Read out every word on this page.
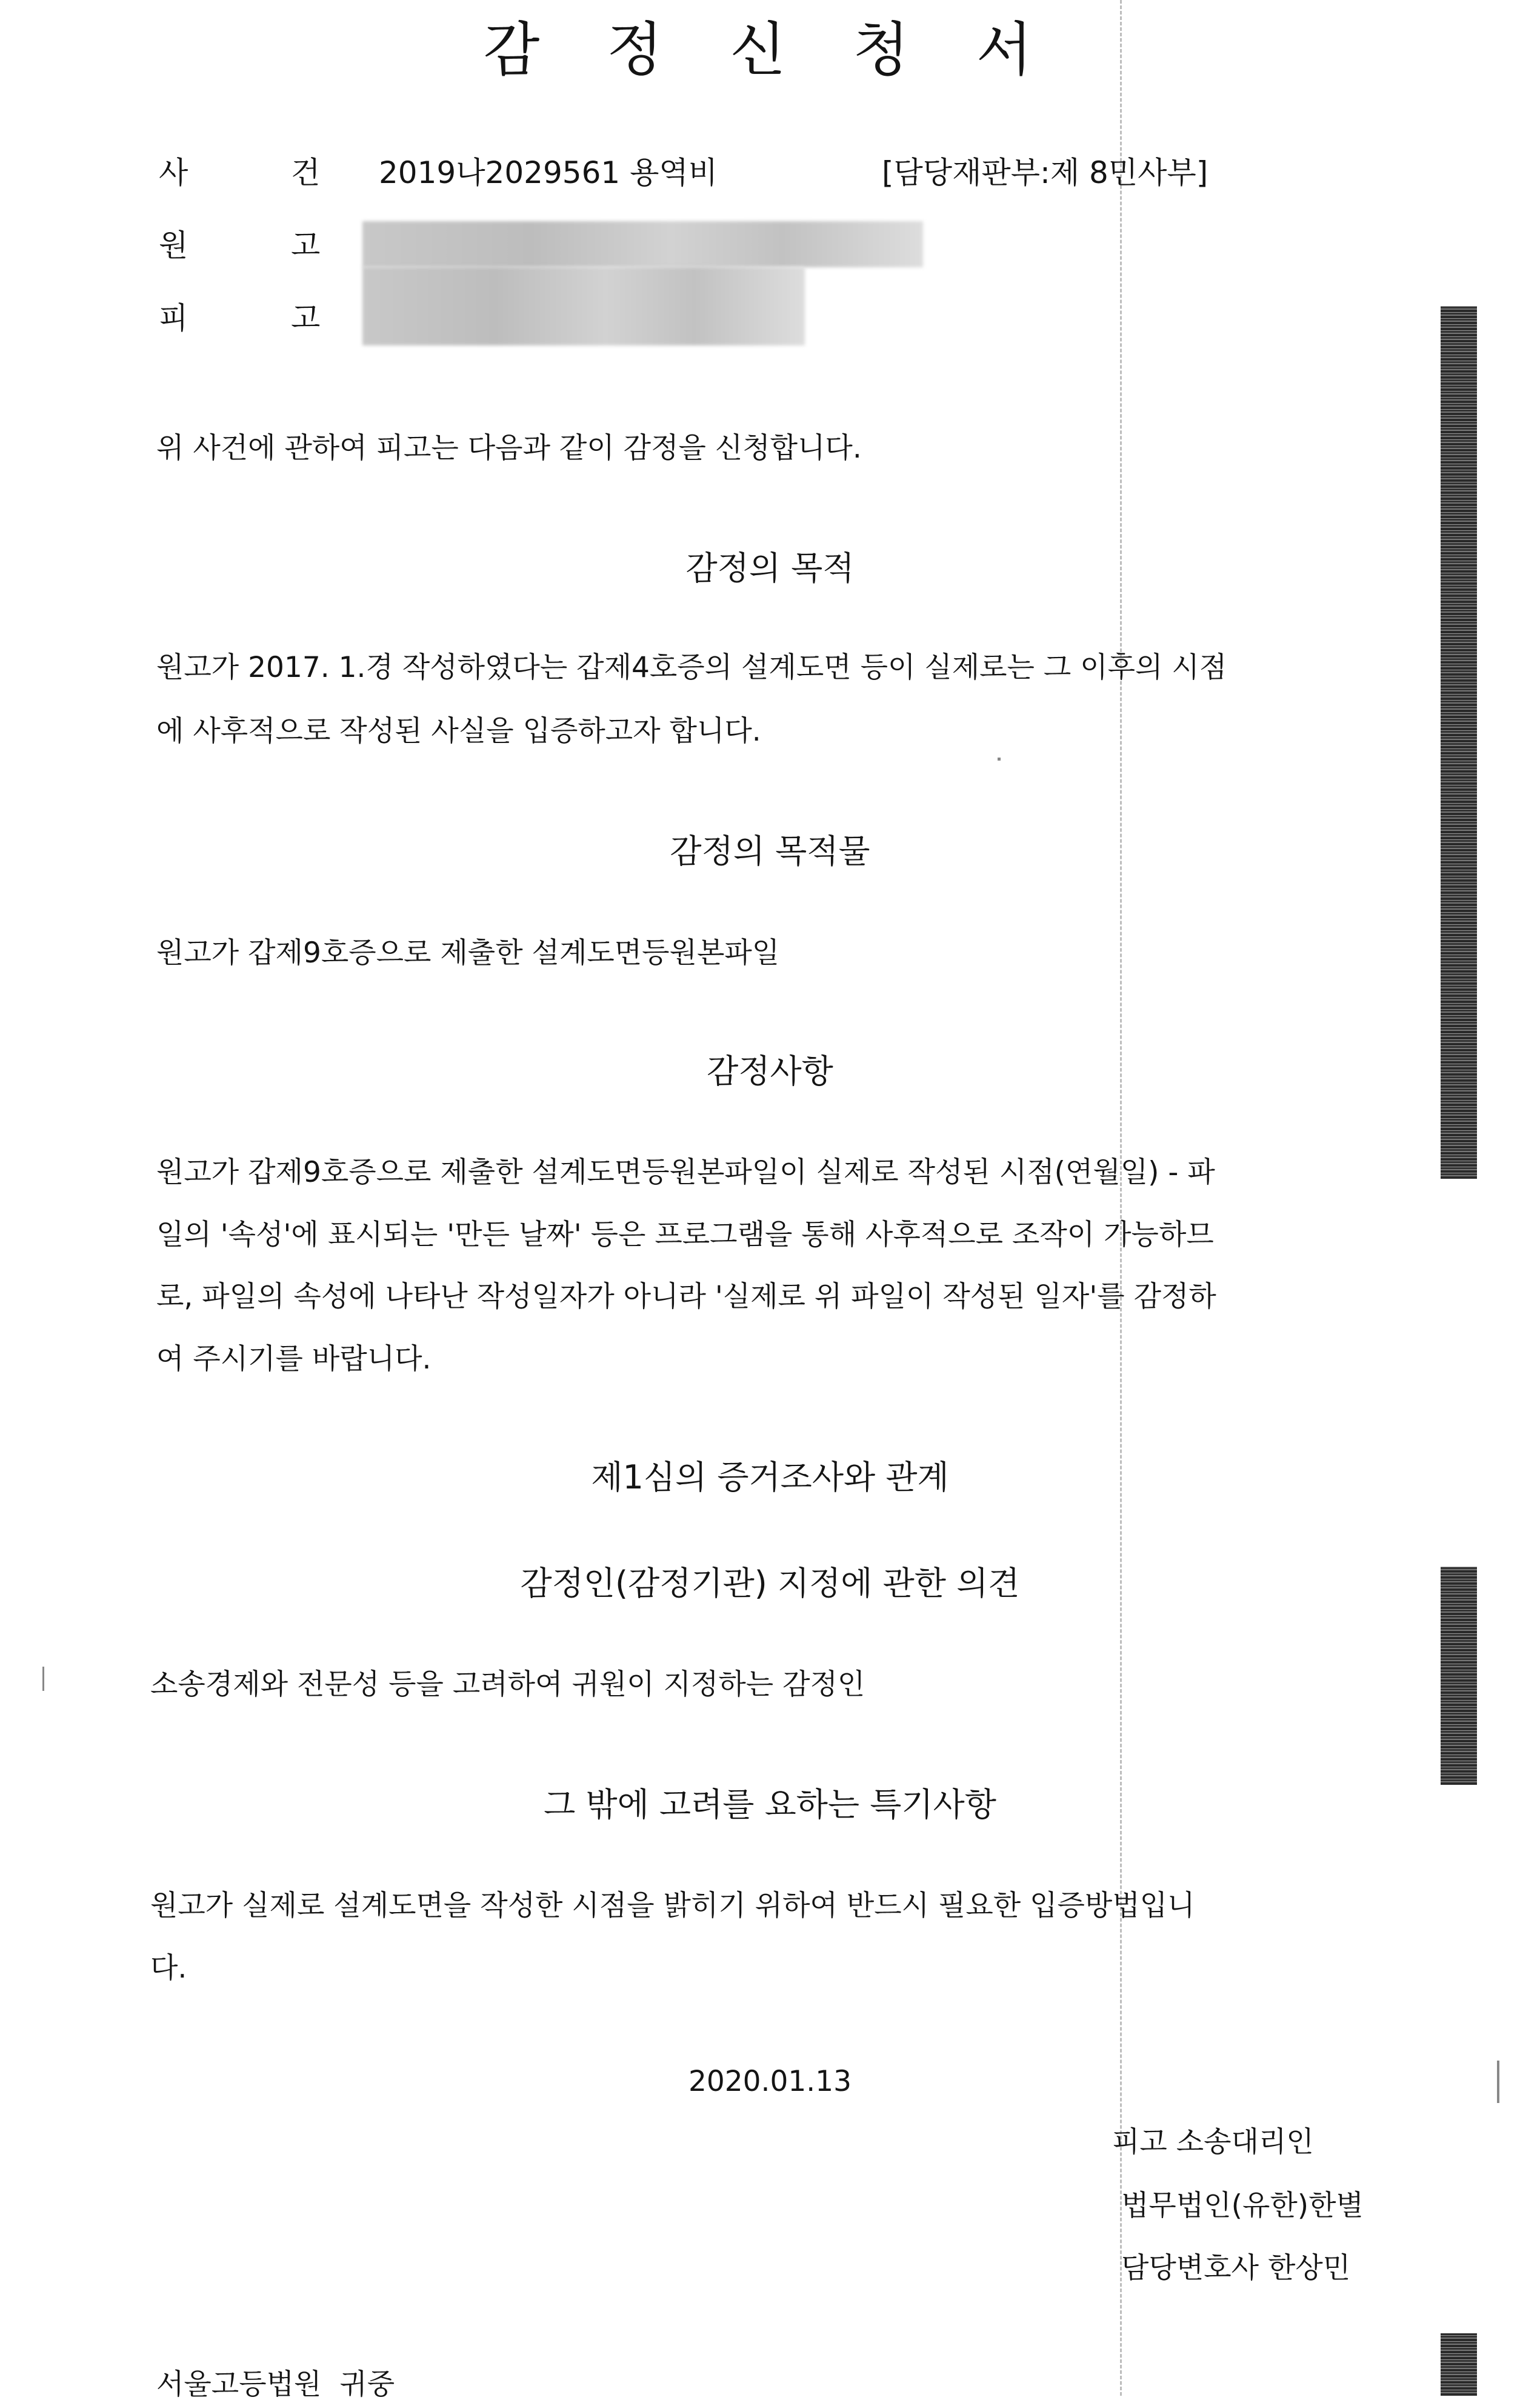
감 정 신 청 서
사	건 2019나2029561 용역비	[담당재판부:제 8민사부]
원	고
피	고
위 사건에 관하여 피고는 다음과 같이 감정을 신청합니다.
감정의 목적
원고가 2017. 1.경 작성하였다는 갑제4호증의 설계도면 등이 실제로는 그 이후의 시점
에 사후적으로 작성된 사실을 입증하고자 합니다.
감정의 목적물
원고가 갑제9호증으로 제출한 설계도면등원본파일
감정사항
원고가 갑제9호증으로 제출한 설계도면등원본파일이 실제로 작성된 시점(연월일) - 파
일의 '속성'에 표시되는 '만든 날짜' 등은 프로그램을 통해 사후적으로 조작이 가능하므
로, 파일의 속성에 나타난 작성일자가 아니라 '실제로 위 파일이 작성된 일자'를 감정하
여 주시기를 바랍니다.
제1심의 증거조사와 관계
감정인(감정기관) 지정에 관한 의견
소송경제와 전문성 등을 고려하여 귀원이 지정하는 감정인
그 밖에 고려를 요하는 특기사항
원고가 실제로 설계도면을 작성한 시점을 밝히기 위하여 반드시 필요한 입증방법입니
다.
2020.01.13
피고 소송대리인
법무법인(유한)한별
담당변호사 한상민
서울고등법원  귀중
